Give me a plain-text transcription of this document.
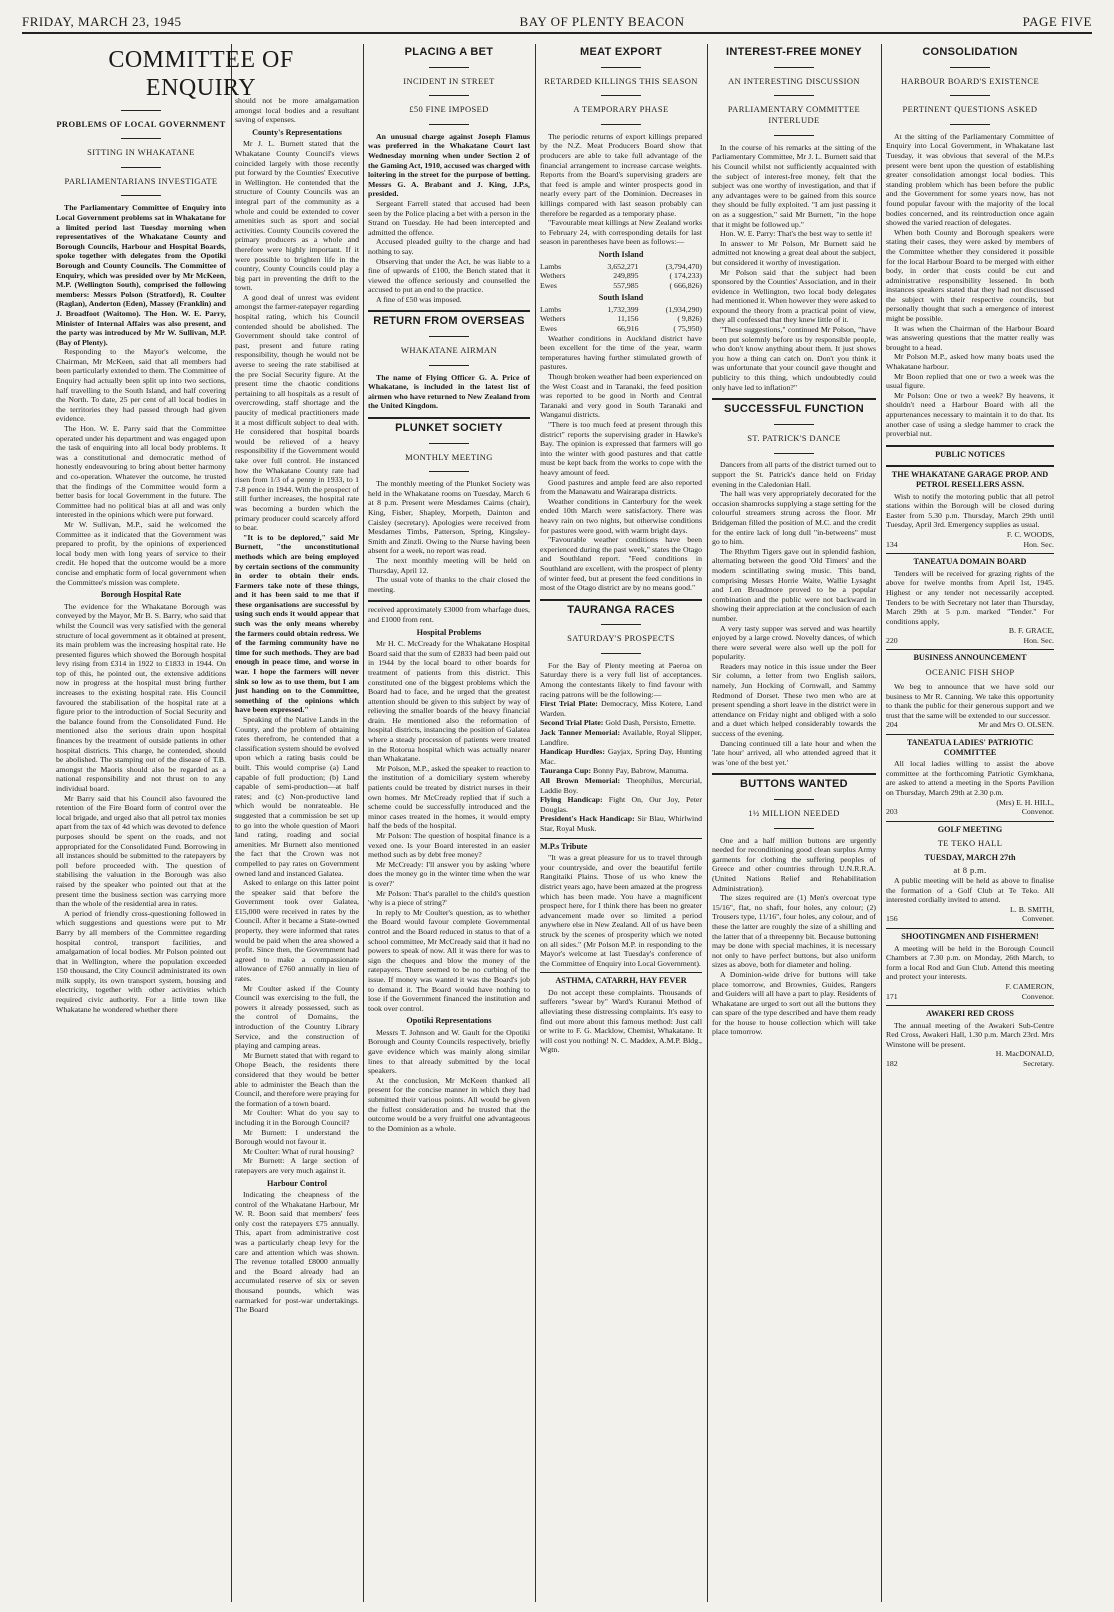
FRIDAY, MARCH 23, 1945	BAY OF PLENTY BEACON	PAGE FIVE
COMMITTEE OF ENQUIRY
PROBLEMS OF LOCAL GOVERNMENT
SITTING IN WHAKATANE
PARLIAMENTARIANS INVESTIGATE

The Parliamentary Committee of Enquiry into Local Government problems sat in Whakatane for a limited period last Tuesday morning when representatives of the Whakatane County and Borough Councils, Harbour and Hospital Boards, spoke together with delegates from the Opotiki Borough and County Councils. The Committee of Enquiry, which was presided over by Mr McKeen, M.P. (Wellington South), comprised the following members: Messrs Polson (Stratford), R. Coulter (Raglan), Anderton (Eden), Massey (Franklin) and J. Broadfoot (Waitomo). The Hon. W. E. Parry, Minister of Internal Affairs was also present, and the party was introduced by Mr W. Sullivan, M.P. (Bay of Plenty).

Responding to the Mayor's welcome, the Chairman, Mr McKeen, said that all members had been particularly extended to them. The Committee of Enquiry had actually been split up into two sections, half travelling to the South Island, and half covering the North. To date, 25 per cent of all local bodies in the territories they had passed through had given evidence.

The Hon. W. E. Parry said that the Committee operated under his department and was engaged upon the task of enquiring into all local body problems. It was a constitutional and democratic method of honestly endeavouring to bring about better harmony and co-operation. Whatever the outcome, he trusted that the findings of the Committee would form a better basis for local Government in the future. The Committee had no political bias at all and was only interested in the opinions which were put forward.

Mr W. Sullivan, M.P., said he welcomed the Committee as it indicated that the Government was prepared to profit, by the opinions of experienced local body men with long years of service to their credit. He hoped that the outcome would be a more concise and emphatic form of local government when the Committee's mission was complete.

Borough Hospital Rate

The evidence for the Whakatane Borough was conveyed by the Mayor, Mr B. S. Barry, who said that whilst the Council was very satisfied with the general structure of local government as it obtained at present, its main problem was the increasing hospital rate. He presented figures which showed the Borough hospital levy rising from £314 in 1922 to £1833 in 1944. On top of this, he pointed out, the extensive additions now in progress at the hospital must bring further increases to the existing hospital rate. His Council favoured the stabilisation of the hospital rate at a figure prior to the introduction of Social Security and the balance found from the Consolidated Fund. He mentioned also the serious drain upon hospital finances by the treatment of outside patients in other hospital districts. This charge, he contended, should be abolished. The stamping out of the disease of T.B. amongst the Maoris should also be regarded as a national responsibility and not thrust on to any individual board.

Mr Barry said that his Council also favoured the retention of the Fire Board form of control over the local brigade, and urged also that all petrol tax monies apart from the tax of 4d which was devoted to defence purposes should be spent on the roads, and not appropriated for the Consolidated Fund. Borrowing in all instances should be submitted to the ratepayers by poll before proceeded with. The question of stabilising the valuation in the Borough was also raised by the speaker who pointed out that at the present time the business section was carrying more than the whole of the residential area in rates.

A period of friendly cross-questioning followed in which suggestions and questions were put to Mr Barry by all members of the Committee regarding hospital control, transport facilities, and amalgamation of local bodies. Mr Polson pointed out that in Wellington, where the population exceeded 150 thousand, the City Council administrated its own milk supply, its own transport system, housing and electricity, together with other activities which required civic authority. For a little town like Whakatane he wondered whether there

should not be more amalgamation amongst local bodies and a resultant saving of expenses.

County's Representations

Mr J. L. Burnett stated that the Whakatane County Council's views coincided largely with those recently put forward by the Counties' Executive in Wellington. He contended that the structure of County Councils was an integral part of the community as a whole and could be extended to cover amenities such as sport and social activities. County Councils covered the primary producers as a whole and therefore were highly important. If it were possible to brighten life in the country, County Councils could play a big part in preventing the drift to the town.

A good deal of unrest was evident amongst the farmer-ratepayer regarding hospital rating, which his Council contended should be abolished. The Government should take control of past, present and future rating responsibility, though he would not be averse to seeing the rate stabilised at the pre Social Security figure. At the present time the chaotic conditions pertaining to all hospitals as a result of overcrowding, staff shortage and the paucity of medical practitioners made it a most difficult subject to deal with. He considered that hospital boards would be relieved of a heavy responsibility if the Government would take over full control. He instanced how the Whakatane County rate had risen from 1/3 of a penny in 1933, to 1 7-8 pence in 1944. With the prospect of still further increases, the hospital rate was becoming a burden which the primary producer could scarcely afford to bear.

"It is to be deplored," said Mr Burnett, "the unconstitutional methods which are being employed by certain sections of the community in order to obtain their ends. Farmers take note of these things, and it has been said to me that if these organisations are successful by using such ends it would appear that such was the only means whereby the farmers could obtain redress. We of the farming community have no time for such methods. They are bad enough in peace time, and worse in war. I hope the farmers will never sink so low as to use them, but I am just handing on to the Committee, something of the opinions which have been expressed."

Speaking of the Native Lands in the County, and the problem of obtaining rates therefrom, he contended that a classification system should be evolved upon which a rating basis could be built. This would comprise (a) Land capable of full production; (b) Land capable of semi-production—at half rates; and (c) Non-productive land which would be nonrateable. He suggested that a commission be set up to go into the whole question of Maori land rating, roading and social amenities. Mr Burnett also mentioned the fact that the Crown was not compelled to pay rates on Government owned land and instanced Galatea.

Asked to enlarge on this latter point the speaker said that before the Government took over Galatea, £15,000 were received in rates by the Council. After it became a State-owned property, they were informed that rates would be paid when the area showed a profit. Since then, the Government had agreed to make a compassionate allowance of £760 annually in lieu of rates.

Mr Coulter asked if the County Council was exercising to the full, the powers it already possessed, such as the control of Domains, the introduction of the Country Library Service, and the construction of playing and camping areas.

Mr Burnett stated that with regard to Ohope Beach, the residents there considered that they would be better able to administer the Beach than the Council, and therefore were praying for the formation of a town board.

Mr Coulter: What do you say to including it in the Borough Council?

Mr Burnett: I understand the Borough would not favour it.

Mr Coulter: What of rural housing?

Mr Burnett: A large section of ratepayers are very much against it.

Harbour Control

Indicating the cheapness of the control of the Whakatane Harbour, Mr W. R. Boon said that members' fees only cost the ratepayers £75 annually. This, apart from administrative cost was a particularly cheap levy for the care and attention which was shown. The revenue totalled £8000 annually and the Board already had an accumulated reserve of six or seven thousand pounds, which was earmarked for post-war undertakings. The Board

PLACING A BET
INCIDENT IN STREET
£50 FINE IMPOSED

An unusual charge against Joseph Flamus was preferred in the Whakatane Court last Wednesday morning when under Section 2 of the Gaming Act, 1910, accused was charged with loitering in the street for the purpose of betting. Messrs G. A. Brabant and J. King, J.P.s, presided.

Sergeant Farrell stated that accused had been seen by the Police placing a bet with a person in the Strand on Tuesday. He had been intercepted and admitted the offence.

Accused pleaded guilty to the charge and had nothing to say.

Observing that under the Act, he was liable to a fine of upwards of £100, the Bench stated that it viewed the offence seriously and counselled the accused to put an end to the practice.

A fine of £50 was imposed.

RETURN FROM OVERSEAS
WHAKATANE AIRMAN

The name of Flying Officer G. A. Price of Whakatane, is included in the latest list of airmen who have returned to New Zealand from the United Kingdom.

PLUNKET SOCIETY
MONTHLY MEETING

The monthly meeting of the Plunket Society was held in the Whakatane rooms on Tuesday, March 6 at 8 p.m. Present were Mesdames Cairns (chair), King, Fisher, Shapley, Morpeth, Dainton and Caisley (secretary). Apologies were received from Mesdames Timbs, Patterson, Spring, Kingsley-Smith and Zinzli. Owing to the Nurse having been absent for a week, no report was read.

The next monthly meeting will be held on Thursday, April 12.

The usual vote of thanks to the chair closed the meeting.

received approximately £3000 from wharfage dues, and £1000 from rent.

Hospital Problems

Mr H. C. McCready for the Whakatane Hospital Board said that the sum of £2833 had been paid out in 1944 by the local board to other boards for treatment of patients from this district. This constituted one of the biggest problems which the Board had to face, and he urged that the greatest attention should be given to this subject by way of relieving the smaller boards of the heavy financial drain. He mentioned also the reformation of hospital districts, instancing the position of Galatea where a steady procession of patients were treated in the Rotorua hospital which was actually nearer than Whakatane.

Mr Polson, M.P., asked the speaker to reaction to the institution of a domiciliary system whereby patients could be treated by district nurses in their own homes. Mr McCready replied that if such a scheme could be successfully introduced and the minor cases treated in the homes, it would empty half the beds of the hospital.

Mr Polson: The question of hospital finance is a vexed one. Is your Board interested in an easier method such as by debt free money?

Mr McCready: I'll answer you by asking 'where does the money go in the winter time when the war is over?'

Mr Polson: That's parallel to the child's question 'why is a piece of string?'

In reply to Mr Coulter's question, as to whether the Board would favour complete Governmental control and the Board reduced in status to that of a school committee, Mr McCready said that it had no powers to speak of now. All it was there for was to sign the cheques and blow the money of the ratepayers. There seemed to be no curbing of the issue. If money was wanted it was the Board's job to demand it. The Board would have nothing to lose if the Government financed the institution and took over control.

Opotiki Representations

Messrs T. Johnson and W. Gault for the Opotiki Borough and County Councils respectively, briefly gave evidence which was mainly along similar lines to that already submitted by the local speakers.

At the conclusion, Mr McKeen thanked all present for the concise manner in which they had submitted their various points. All would be given the fullest consideration and he trusted that the outcome would be a very fruitful one advantageous to the Dominion as a whole.

MEAT EXPORT
RETARDED KILLINGS THIS SEASON
A TEMPORARY PHASE

The periodic returns of export killings prepared by the N.Z. Meat Producers Board show that producers are able to take full advantage of the financial arrangement to increase carcase weights. Reports from the Board's supervising graders are that feed is ample and winter prospects good in nearly every part of the Dominion. Decreases in killings compared with last season probably can therefore be regarded as a temporary phase.

"Favourable meat killings at New Zealand works to February 24, with corresponding details for last season in parentheses have been as follows:—

North Island
Lambs	3,652,271	(3,794,470)
Wethers	249,895	( 174,233)
Ewes	557,985	( 666,826)
South Island
Lambs	1,732,399	(1,934,290)
Wethers	11,156	( 9,826)
Ewes	66,916	( 75,950)

Weather conditions in Auckland district have been excellent for the time of the year, warm temperatures having further stimulated growth of pastures.

Though broken weather had been experienced on the West Coast and in Taranaki, the feed position was reported to be good in North and Central Taranaki and very good in South Taranaki and Wanganui districts.

"There is too much feed at present through this district" reports the supervising grader in Hawke's Bay. The opinion is expressed that farmers will go into the winter with good pastures and that cattle must be kept back from the works to cope with the heavy amount of feed.

Good pastures and ample feed are also reported from the Manawatu and Wairarapa districts.

Weather conditions in Canterbury for the week ended 10th March were satisfactory. There was heavy rain on two nights, but otherwise conditions for pastures were good, with warm bright days.

"Favourable weather conditions have been experienced during the past week," states the Otago and Southland report. "Feed conditions in Southland are excellent, with the prospect of plenty of winter feed, but at present the feed conditions in most of the Otago district are by no means good."

TAURANGA RACES
SATURDAY'S PROSPECTS

For the Bay of Plenty meeting at Paeroa on Saturday there is a very full list of acceptances. Among the contestants likely to find favour with racing patrons will be the following:—

First Trial Plate: Democracy, Miss Kotere, Land Warden.

Second Trial Plate: Gold Dash, Persisto, Ernette.

Jack Tanner Memorial: Available, Royal Slipper, Landfire.

Handicap Hurdles: Gayjax, Spring Day, Hunting Mac.

Tauranga Cup: Bonny Pay, Babrow, Manuma.

All Brown Memorial: Theophilus, Mercurial, Laddie Boy.

Flying Handicap: Fight On, Our Joy, Peter Douglas.

President's Hack Handicap: Sir Blau, Whirlwind Star, Royal Musk.

M.P.s Tribute

"It was a great pleasure for us to travel through your countryside, and over the beautiful fertile Rangitaiki Plains. Those of us who knew the district years ago, have been amazed at the progress which has been made. You have a magnificent prospect here, for I think there has been no greater advancement made over so limited a period anywhere else in New Zealand. All of us have been struck by the scenes of prosperity which we noted on all sides." (Mr Polson M.P. in responding to the Mayor's welcome at last Tuesday's conference of the Committee of Enquiry into Local Government).

ASTHMA, CATARRH, HAY FEVER

Do not accept these complaints. Thousands of sufferers "swear by" Ward's Kuranui Method of alleviating these distressing complaints. It's easy to find out more about this famous method: Just call or write to F. G. Macklow, Chemist, Whakatane. It will cost you nothing! N. C. Maddex, A.M.P. Bldg., Wgtn.

INTEREST-FREE MONEY
AN INTERESTING DISCUSSION
PARLIAMENTARY COMMITTEE INTERLUDE

In the course of his remarks at the sitting of the Parliamentary Committee, Mr J. L. Burnett said that his Council whilst not sufficiently acquainted with the subject of interest-free money, felt that the subject was one worthy of investigation, and that if any advantages were to be gained from this source they should be fully exploited. "I am just passing it on as a suggestion," said Mr Burnett, "in the hope that it might be followed up."

Hon. W. E. Parry: That's the best way to settle it!

In answer to Mr Polson, Mr Burnett said he admitted not knowing a great deal about the subject, but considered it worthy of investigation.

Mr Polson said that the subject had been sponsored by the Counties' Association, and in their evidence in Wellington, two local body delegates had mentioned it. When however they were asked to expound the theory from a practical point of view, they all confessed that they knew little of it.

"These suggestions," continued Mr Polson, "have been put solemnly before us by responsible people, who don't know anything about them. It just shows you how a thing can catch on. Don't you think it was unfortunate that your council gave thought and publicity to this thing, which undoubtedly could only have led to inflation?"

SUCCESSFUL FUNCTION
ST. PATRICK'S DANCE

Dancers from all parts of the district turned out to support the St. Patrick's dance held on Friday evening in the Caledonian Hall.

The hall was very appropriately decorated for the occasion shamrocks supplying a stage setting for the colourful streamers strung across the floor. Mr Bridgeman filled the position of M.C. and the credit for the entire lack of long dull "in-betweens" must go to him.

The Rhythm Tigers gave out in splendid fashion, alternating between the good 'Old Timers' and the modern scintillating swing music. This band, comprising Messrs Horrie Waite, Wallie Lysaght and Len Broadmore proved to be a popular combination and the public were not backward in showing their appreciation at the conclusion of each number.

A very tasty supper was served and was heartily enjoyed by a large crowd. Novelty dances, of which there were several were also well up the poll for popularity.

Readers may notice in this issue under the Beer Sir column, a letter from two English sailors, namely, Jun Hocking of Cornwall, and Sammy Redmond of Dorset. These two men who are at present spending a short leave in the district were in attendance on Friday night and obliged with a solo and a duet which helped considerably towards the success of the evening.

Dancing continued till a late hour and when the 'late hour' arrived, all who attended agreed that it was 'one of the best yet.'

BUTTONS WANTED
1½ MILLION NEEDED

One and a half million buttons are urgently needed for reconditioning good clean surplus Army garments for clothing the suffering peoples of Greece and other countries through U.N.R.R.A. (United Nations Relief and Rehabilitation Administration).

The sizes required are (1) Men's overcoat type 15/16", flat, no shaft, four holes, any colour; (2) Trousers type, 11/16", four holes, any colour, and of these the latter are roughly the size of a shilling and the latter that of a threepenny bit. Because buttoning may be done with special machines, it is necessary not only to have perfect buttons, but also uniform sizes as above, both for diameter and holing.

A Dominion-wide drive for buttons will take place tomorrow, and Brownies, Guides, Rangers and Guiders will all have a part to play. Residents of Whakatane are urged to sort out all the buttons they can spare of the type described and have them ready for the house to house collection which will take place tomorrow.

CONSOLIDATION
HARBOUR BOARD'S EXISTENCE
PERTINENT QUESTIONS ASKED

At the sitting of the Parliamentary Committee of Enquiry into Local Government, in Whakatane last Tuesday, it was obvious that several of the M.P.s present were bent upon the question of establishing greater consolidation amongst local bodies. This standing problem which has been before the public and the Government for some years now, has not found popular favour with the majority of the local bodies concerned, and its reintroduction once again showed the varied reaction of delegates.

When both County and Borough speakers were stating their cases, they were asked by members of the Committee whether they considered it possible for the local Harbour Board to be merged with either body, in order that costs could be cut and administrative responsibility lessened. In both instances speakers stated that they had not discussed the subject with their respective councils, but personally thought that such a emergence of interest might be possible.

It was when the Chairman of the Harbour Board was answering questions that the matter really was brought to a head.

Mr Polson M.P., asked how many boats used the Whakatane harbour.

Mr Boon replied that one or two a week was the usual figure.

Mr Polson: One or two a week? By heavens, it shouldn't need a Harbour Board with all the appurtenances necessary to maintain it to do that. Its another case of using a sledge hammer to crack the proverbial nut.

PUBLIC NOTICES
THE WHAKATANE GARAGE PROP. AND PETROL RESELLERS ASSN.

Wish to notify the motoring public that all petrol stations within the Borough will be closed during Easter from 5.30 p.m. Thursday, March 29th until Tuesday, April 3rd. Emergency supplies as usual.

F. C. WOODS,
134	Hon. Sec.
TANEATUA DOMAIN BOARD

Tenders will be received for grazing rights of the above for twelve months from April 1st, 1945. Highest or any tender not necessarily accepted. Tenders to be with Secretary not later than Thursday, March 29th at 5 p.m. marked "Tender." For conditions apply,

B. F. GRACE,
220	Hon. Sec.
BUSINESS ANNOUNCEMENT
OCEANIC FISH SHOP

We beg to announce that we have sold our business to Mr R. Canning. We take this opportunity to thank the public for their generous support and we trust that the same will be extended to our successor.

204	Mr and Mrs O. OLSEN.
TANEATUA LADIES' PATRIOTIC COMMITTEE

All local ladies willing to assist the above committee at the forthcoming Patriotic Gymkhana, are asked to attend a meeting in the Sports Pavilion on Thursday, March 29th at 2.30 p.m.

(Mrs) E. H. HILL,
203	Convenor.
GOLF MEETING
TE TEKO HALL
TUESDAY, MARCH 27th
at 8 p.m.

A public meeting will be held as above to finalise the formation of a Golf Club at Te Teko. All interested cordially invited to attend.

L. B. SMITH,
156	Convener.
SHOOTINGMEN AND FISHERMEN!

A meeting will be held in the Borough Council Chambers at 7.30 p.m. on Monday, 26th March, to form a local Rod and Gun Club. Attend this meeting and protect your interests.

F. CAMERON,
171	Convenor.
AWAKERI RED CROSS

The annual meeting of the Awakeri Sub-Centre Red Cross, Awakeri Hall, 1.30 p.m. March 23rd. Mrs Winstone will be present.

H. MacDONALD,
182	Secretary.
